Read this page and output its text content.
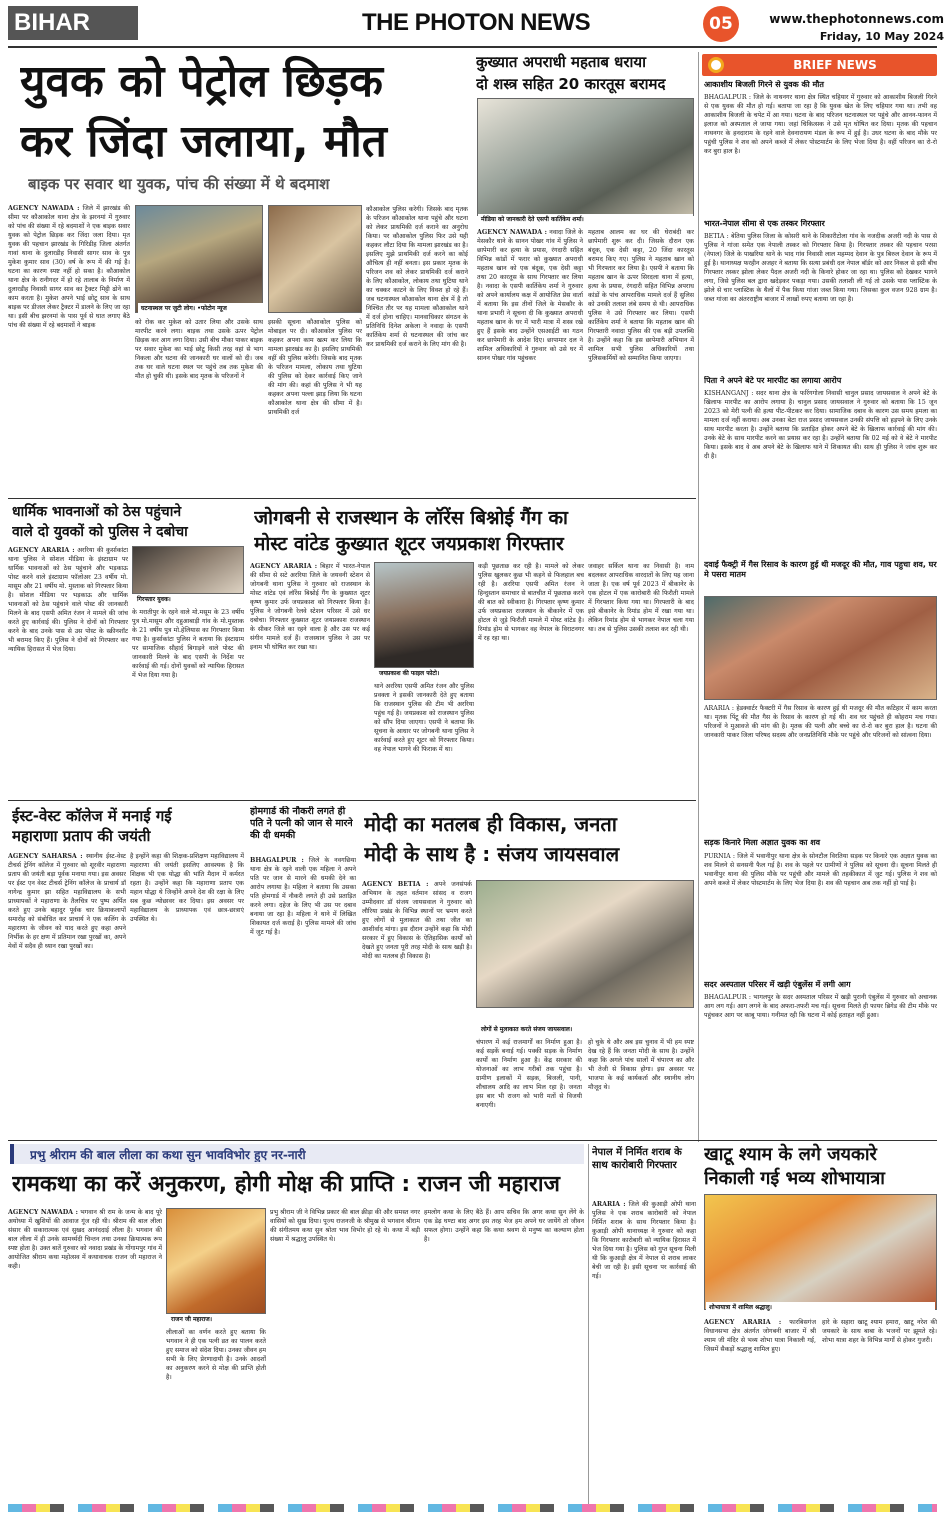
BIHAR	THE PHOTON NEWS	05	www.thephotonnews.com
Friday, 10 May 2024
युवक को पेट्रोल छिड़क
कर जिंदा जलाया, मौत
बाइक पर सवार था युवक, पांच की संख्या में थे बदमाश
AGENCY NAWADA : जिले में झारखंड की सीमा पर कौआकोल थाना क्षेत्र के झरनमां में गुरुवार को पांच की संख्या में रहे बदमाशों ने एक बाइक सवार युवक को पेट्रोल छिड़क कर जिंदा जला दिया। मृत युवक की पहचान झारखंड के गिरिडीह जिला अंतर्गत गावां थाना के दुलारडीह निवासी सागर साव के पुत्र मुकेश कुमार साव (30) वर्ष के रूप में की गई है। घटना का कारण स्पष्ट नहीं हो सका है। कौआकोल थाना क्षेत्र के रानीगदर में हो रहे तालाब के निर्माण में दुलारडीह निवासी सागर साव का ट्रैक्टर मिट्टी ढोने का काम करता है। मुकेश अपने भाई छोटू साव के साथ बाइक पर डीजल लेकर ट्रैक्टर में डालने के लिए जा रहा था। इसी बीच झरनमां के पास पूर्व से घात लगाए बैठे पांच की संख्या में रहे बदमाशों ने बाइक
घटनास्थल पर जुटी लोग। •फोटोन न्यूज
को रोक कर मुकेश को उतार लिया और उसके साथ मारपीट करने लगा। बाइक तथा उसके ऊपर पेट्रोल छिड़क कर आग लगा दिया। उसी बीच मौका पाकर बाइक पर सवार मुकेश का भाई छोटू किसी तरह वहां से भाग निकला और घटना की जानकारी घर वालों को दी। जब तक घर वाले घटना स्थल पर पहुंचे तब तक मुकेश की मौत हो चुकी थी। इसके बाद मृतक के परिजनों ने
इसकी सूचना कौआकोल पुलिस को मोबाइल पर दी। कौआकोल पुलिस पर कहकर अपना काम खत्म कर लिया कि मामला झारखंड का है। इसलिए प्राथमिकी वहीं की पुलिस करेगी। जिसके बाद मृतक के परिजन मामला, लोकाय तथा घुटिया की पुलिस को देकर कार्रवाई किए जाने की मांग की। कहां की पुलिस ने भी यह कहकर अपना पल्ला झाड़ लिया कि घटना कौआकोल थाना क्षेत्र की सीमा में है। प्राथमिकी दर्ज
कौआकोल पुलिस करेगी। जिसके बाद मृतक के परिजन कौआकोल थाना पहुंचे और घटना को लेकर प्राथमिकी दर्ज कराने का अनुरोध किया। पर कौआकोल पुलिस फिर उसे यही कहकर लौटा दिया कि मामला झारखंड का है। इसलिए मुझे प्राथमिकी दर्ज करने का कोई औचित्य ही नहीं बनता। इस प्रकार मृतक के परिजन शव को लेकर प्राथमिकी दर्ज कराने के लिए कौआकोल, लोकाय तथा घुटिया थाने का चक्कर काटने के लिए विवश हो रहे हैं। जब घटनास्थल कौआकोल थाना क्षेत्र में है तो निश्चित तौर पर यह मामला कौआकोल थाने में दर्ज होना चाहिए। मानवाधिकार संगठन के प्रतिनिधि दिनेश अकेला ने नवादा के एसपी कार्तिकेय शर्मा से घटनास्थल की जांच कर कर प्राथमिकी दर्ज कराने के लिए मांग की है।
कुख्यात अपराधी महताब धराया
दो शस्त्र सहित 20 कारतूस बरामद
मीडिया को जानकारी देते एसपी कार्तिकेय शर्मा।
AGENCY NAWADA : नवादा जिले के मेसकौर थाने के सानन पोखर गांव में पुलिस ने छापेमारी कर हत्या के प्रयास, रंगदारी सहित विभिन्न कांडों में फरार को कुख्यात अपराधी महताब खान को एक बंदूक, एक देसी कट्टा तथा 20 कारतूस के साथ गिरफ्तार कर लिया है। नवादा के एसपी कार्तिकेय शर्मा ने गुरुवार को अपने कार्यालय कक्ष में आयोजित प्रेस वार्ता में बताया कि इस तीनों जिले के मेसकौर के थाना प्रभारी ने सूचना दी कि कुख्यात अपराधी महताब खान के घर में भारी मात्रा में शस्त्र रखे हुए हैं इसके बाद उन्होंने एसआईटी का गठन कर छापेमारी के आदेश दिए। छापामार दल ने शामिल अधिकारियों ने गुरुवार को उसे घर में सानन पोखर गांव पहुंचकर
महताब आलम का घर की घेराबंदी कर छापेमारी शुरू कर दी। जिसके दौरान एक बंदूक, एक देसी कट्टा, 20 जिंदा कारतूस बरामद किए गए। पुलिस ने महताब खान को भी गिरफ्तार कर लिया है। एसपी ने बताया कि महताब खान के ऊपर सिरदला थाना में हत्या, हत्या के प्रयास, रंगदारी सहित विभिन्न अपराध कांडों के पांच आपराधिक मामले दर्ज हैं सुलिस को उनकी तलाश लंबे समय से थी। आपराधिक पुलिस ने उसे गिरफ्तार कर लिया। एसपी कार्तिकेय शर्मा ने बताया कि महताब खान की गिरफ्तारी नवादा पुलिस की एक बड़ी उपलब्धि है। उन्होंने कहा कि इस छापेमारी अभियान में शामिल सभी पुलिस अधिकारियों तथा पुलिसकर्मियों को सम्मानित किया जाएगा।
BRIEF NEWS
आकाशीय बिजली गिरने से युवक की मौत
BHAGALPUR : जिले के नाथनगर थाना क्षेत्र स्थित चहियार में गुरुवार को आकाशीय बिजली गिरने से एक युवक की मौत हो गई। बताया जा रहा है कि युवक खेत के लिए चहियार गया था। तभी वह आकाशीय बिजली के चपेट में आ गया। घटना के बाद परिजन घटनास्थल पर पहुंचे और आनन-फानन में इलाज को अस्पताल ले जाया गया। जहां चिकित्सक ने उसे मृत घोषित कर दिया। मृतक की पहचान नाथनगर के हनदाराम के रहने वाले देवनारायण मंडल के रूप में हुई है। उधर घटना के बाद मौके पर पहुंची पुलिस ने शव को अपने कब्जे में लेकर पोस्टमार्टम के लिए भेजा दिया है। वहीं परिजन का रो-रो कर बुरा हाल है।
भारत-नेपाल सीमा से एक तस्कर गिरफ्तार
BETIA : बेतिया पुलिस जिला के कोसरी थाने के शिकारीटोला गांव के नजदीक अजरी नदी के पास से पुलिस ने गांजा समेत एक नेपाली तस्कर को गिरफ्तार किया है। गिरफ्तार तस्कर की पहचान परसा (नेपाल) जिले के पाखरिया थाने के भाद गांव निवासी लाल महम्मद देवान के पुत्र बिरुल देवान के रूप में हुई है। थानाध्यक्ष फरहीन अजहर ने बताया कि सत्या प्रबंधी दल नेपाल बॉर्डर को आर निकल से इसी बीच गिरफ्तार तस्कर झोला लेकर पैदल अजरी नदी के किनारे होकर जा रहा था। पुलिस को देखकर भागने लगा, जिसे पुलिस बल द्वारा खदेड़कर पकड़ा गया। उसकी तलाशी ली गई तो उसके पास प्लास्टिक के झोले से चार प्लास्टिक के थैलों में पैक किया गांजा जब्त किया गया। जिसका कुल वजन 928 ग्राम है। जब्त गांजा का अंतरराष्ट्रीय बाजार में लाखों रुपए बताया जा रहा है।
पिता ने अपने बेटे पर मारपीट का लगाया आरोप
KISHANGANJ : सदर थाना क्षेत्र के फरिंगगोला निवासी चानुल प्रसाद जायसवाल ने अपने बेटे के खिलाफ मारपीट का आरोप लगाया है। चानुल प्रसाद जायसवाल ने गुरुवार को बताया कि 15 जून 2023 को मेरी पत्नी की हत्या पीट-पीटकर कर दिया। सामाजिक दबाव के कारण उस समय हमला का मामला दर्ज नहीं कराया। अब उनका बेटा राज प्रसाद जायसवाल उनकी संपत्ति को हड़पने के लिए उनके साथ मारपीट करता है। उन्होंने बताया कि प्रताड़ित होकर अपने बेटे के खिलाफ कार्रवाई की मांग की। उनके बेटे के साथ मारपीट करने का प्रयास कर रहा है। उन्होंने बताया कि 02 मई को वे बेटे ने मारपीट किया। इसके बाद वे अब अपने बेटे के खिलाफ थाने में शिकायत की। साथ ही पुलिस ने जांच शुरू कर दी है।
दवाई फैक्ट्री में गैस रिसाव के कारण हुई थी मजदूर की मौत, गाव पहुचा शव, घर मे पसरा मातम
ARARIA : हेडक्वार्टर फैक्टरी में गैस रिसाव के कारण हुई थी मजदूर की मौत कटिहार में काम करता था। मृतक पिंटू की मौत गैस के रिसाव के कारण हो गई थी। शव घर पहुंचते ही कोहराम मच गया। परिजनों ने मुआवजे की मांग की है। मृतक की पत्नी और बच्चे का रो-रो कर बुरा हाल है। घटना की जानकारी पाकर जिला परिषद सदस्य और जनप्रतिनिधि मौके पर पहुंचे और परिजनों को सांत्वना दिया।
सड़क किनारे मिला अज्ञात युवक का शव
PURNIA : जिले में भवानीपुर थाना क्षेत्र के सोनटौल विरतिया सड़क पर किनारे एक अज्ञात युवक का शव मिलने से सनसनी फैल गई है। शव के पहले पर ग्रामीणों ने पुलिस को सूचना दी। सूचना मिलते ही भवानीपुर थाना की पुलिस मौके पर पहुंची और मामले की तहकीकात में जुट गई। पुलिस ने शव को अपने कब्जे में लेकर पोस्टमार्टम के लिए भेज दिया है। शव की पहचान अब तक नहीं हो पाई है।
सदर अस्पताल परिसर में खड़ी एंबुलेंस में लगी आग
BHAGALPUR : भागलपुर के सदर अस्पताल परिसर में खड़ी पुरानी एंबुलेंस में गुरुवार को अचानक आग लग गई। आग लगने के बाद अफरा-तफरी मच गई। सूचना मिलते ही फायर ब्रिगेड की टीम मौके पर पहुंचकर आग पर काबू पाया। गनीमत रही कि घटना में कोई हताहत नहीं हुआ।
धार्मिक भावनाओं को ठेस पहुंचाने
वाले दो युवकों को पुलिस ने दबोचा
AGENCY ARARIA : अररिया की कुर्साकांटा थाना पुलिस ने सोशल मीडिया के इंस्टाग्राम पर धार्मिक भावनाओं को ठेस पहुंचाने और भड़काऊ पोस्ट करने वाले इंस्टाग्राम फॉलोअर 23 वर्षीय मो. मासूम और 21 वर्षीय मो. मुस्ताक को गिरफ्तार किया है। सोशल मीडिया पर भड़काऊ और धार्मिक भावनाओं को ठेस पहुंचाने वाले पोस्ट की जानकारी मिलने के बाद एसपी अमित रंजन ने मामले की जांच करते हुए कार्रवाई की। पुलिस ने दोनों को गिरफ्तार करने के बाद उनके पास से उस पोस्ट के स्क्रीनशॉट भी बरामद किए हैं। पुलिस ने दोनों को गिरफ्तार कर न्यायिक हिरासत में भेज दिया।
गिरफ्तार युवक।
के मरातीपुर के रहने वाले मो.मसूम के 23 वर्षीय पुत्र मो.मासूम और दहुआबाड़ी गांव के मो.मुस्ताक के 21 वर्षीय पुत्र मो.हेलियास का गिरफ्तार किया गया है। कुर्साकांटा पुलिस ने बताया कि इंस्टाग्राम पर सामाजिक सौहार्द बिगाड़ने वाले पोस्ट की जानकारी मिलने के बाद एसपी के निर्देश पर कार्रवाई की गई। दोनों युवकों को न्यायिक हिरासत में भेज दिया गया है।
जोगबनी से राजस्थान के लॉरेंस बिश्नोई गैंग का
मोस्ट वांटेड कुख्यात शूटर जयप्रकाश गिरफ्तार
AGENCY ARARIA : बिहार में भारत-नेपाल की सीमा से सटे अररिया जिले के जयवनी स्टेशन से जोगबनी थाना पुलिस ने गुरुवार को राजस्थान के मोस्ट वांटेड एवं लॉरेंस बिश्नोई गैंग के कुख्यात शूटर कृष्ण कुमार उर्फ जयप्रकाश को गिरफ्तार किया है। पुलिस ने जोगबनी रेलवे स्टेशन परिसर में उसे धर दबोचा। गिरफ्तार कुख्यात शूटर जयप्रकाश राजस्थान के सीकर जिले का रहने वाला है और उस पर कई संगीन मामले दर्ज हैं। राजस्थान पुलिस ने उस पर इनाम भी घोषित कर रखा था।
जयप्रकाश की फाइल फोटो।
थाने अररिया एसपी अमित रंजन और पुलिस प्रवक्ता ने इसकी जानकारी देते हुए बताया कि राजस्थान पुलिस की टीम भी अररिया पहुंच गई है। जयप्रकाश को राजस्थान पुलिस को सौंप दिया जाएगा। एसपी ने बताया कि सूचना के आधार पर जोगबनी थाना पुलिस ने कार्रवाई करते हुए शूटर को गिरफ्तार किया। वह नेपाल भागने की फिराक में था।
कड़ी पूछताछ कर रही है। मामले को लेकर पुलिस खुलकर कुछ भी कहने से फिलहाल बच रही है। अररिया एसपी अमित रंजन ने हिन्दुस्तान समाचार से बातचीत में पूछताछ करने की बात को स्वीकारा है। गिरफ्तार कृष्ण कुमार उर्फ जयप्रकाश राजस्थान के बीकानेर में एक होटल से जुड़े फिरौती मामले में मोस्ट वांटेड है। रिमांड होम से भागकर वह नेपाल के विराटनगर में रह रहा था।
जवाहर सर्किल थाना का निवासी है। नाम बदलकर आपराधिक वारदातों के लिए यह जाना जाता है। एक वर्ष पूर्व 2023 में बीकानेर के एक होटल में एक कारोबारी की फिरौती मामले में गिरफ्तार किया गया था। गिरफ्तारी के बाद इसे बीकानेर के रिमांड होम में रखा गया था। लेकिन रिमांड होम से भागकर नेपाल चला गया था। तब से पुलिस उसकी तलाश कर रही थी।
ईस्ट-वेस्ट कॉलेज में मनाई गई
महाराणा प्रताप की जयंती
AGENCY SAHARSA : स्थानीय ईस्ट-वेस्ट टीचर्स ट्रेनिंग कॉलेज में गुरुवार को शूरवीर महाराणा प्रताप की जयंती बड़ा पूर्वक मनाया गया। इस अवसर पर ईस्ट एन वेस्ट टीचर्स ट्रेनिंग कॉलेज के प्राचार्य डॉ नागेन्द्र कुमार झा सहित महाविद्यालय के सभी प्राध्यापकों ने महाराणा के तैलचित्र पर पुष्प अर्पित करते हुए उनके बहादुर पूर्वक चार क्रियाकलापों समारोह को संबोधित कर प्राचार्य ने एक कलिंग के महाराणा के जीवन को याद करते हुए कहा अपने निर्भीक के हर क्षण में प्रतिमान रखा पुरखों का, अपने मेवों में सदैव ही ध्यान रखा पुरखों का।
है इन्होंने कहा की शिक्षक-प्रशिक्षण महाविद्यालय में महाराणा की जयंती इसलिए आवश्यक है कि शिक्षक भी एक योद्धा की भांति मैदान में कर्मरत रहता है। उन्होंने कहा कि महाराणा प्रताप एक महान योद्धा थे जिन्होंने अपने देश की रक्षा के लिए सब कुछ न्योछावर कर दिया। इस अवसर पर महाविद्यालय के प्राध्यापक एवं छात्र-छात्राएं उपस्थित थे।
होमगार्ड की नौकरी लगते ही पति ने पत्नी को जान से मारने की दी धमकी
BHAGALPUR : जिले के नवगछिया थाना क्षेत्र के रहने वाली एक महिला ने अपने पति पर जान से मारने की धमकी देने का आरोप लगाया है। महिला ने बताया कि उसका पति होमगार्ड में नौकरी लगते ही उसे प्रताड़ित करने लगा। दहेज के लिए भी उस पर दबाव बनाया जा रहा है। महिला ने थाने में लिखित शिकायत दर्ज कराई है। पुलिस मामले की जांच में जुट गई है।
मोदी का मतलब ही विकास, जनता
मोदी के साथ है : संजय जायसवाल
AGENCY BETIA : अपने जनसंपर्क अभियान के तहत वर्तमान सांसद व राजग उम्मीदवार डॉ संजय जायसवाल ने गुरुवार को लौरिया प्रखंड के विभिन्न स्थानों पर भ्रमण करते हुए लोगों से मुलाकात की तथा जीत का आशीर्वाद मांगा। इस दौरान उन्होंने कहा कि मोदी सरकार में हुए विकास के ऐतिहासिक कार्यों को देखते हुए जनता पूरी तरह मोदी के साथ खड़ी है। मोदी का मतलब ही विकास है।
लोगों से मुलाकात करते संजय जायसवाल।
चंपारण में कई राजमार्गों का निर्माण हुआ है। कई सड़कें बनाई गई। पक्की सड़क के निर्माण कार्यों का निर्माण हुआ है। केंद्र सरकार की योजनाओं का लाभ गरीबों तक पहुंचा है। ग्रामीण इलाकों में सड़क, बिजली, पानी, शौचालय आदि का लाभ मिल रहा है। जनता इस बार भी राजग को भारी मतों से विजयी बनाएगी।
हो चुके थे और अब इस चुनाव में भी हम स्पष्ट देख रहे हैं कि जनता मोदी के साथ है। उन्होंने कहा कि अगले पांच सालों में चंपारण का और भी तेजी से विकास होगा। इस अवसर पर भाजपा के कई कार्यकर्ता और स्थानीय लोग मौजूद थे।
प्रभु श्रीराम की बाल लीला का कथा सुन भावविभोर हुए नर-नारी
रामकथा का करें अनुकरण, होगी मोक्ष की प्राप्ति : राजन जी महाराज
AGENCY NAWADA : भगवान श्री राम के जन्म के बाद पूरे अयोध्या में खुशियों की आवाज गूंज रही थी। श्रीराम की बाल लीला संसार की सकारात्मक एवं सुखद आनंददाई लीला है। भगवान की बाल लीला में ही उनके सामर्थ्यदी चिन्तन तथा उनका क्रियात्मक रूप स्पष्ट होता है। उक्त बातें गुरुवार को नवादा प्रखंड के गोंगामपुर गांव में आयोजित श्रीराम कथा महोत्सव में कथावाचक राजन जी महाराज ने कही।
राजन जी महाराज।
लीलाओं का वर्णन करते हुए बताया कि भगवान ने ही एक पत्नी व्रत का पालन करते हुए समाज को संदेश दिया। उनका जीवन हम सभी के लिए प्रेरणादायी है। उनके आदर्शों का अनुकरण करने से मोक्ष की प्राप्ति होती है।
प्रभु श्रीराम जी ने विभिन्न प्रकार की बाल क्रीड़ा की और समस्त नगर वासियों को सुख दिया। पूज्य राजनजी के श्रीमुख से भगवान श्रीराम की संगीतमय कथा सुन श्रोता भाव विभोर हो रहे थे। कथा में बड़ी संख्या में श्रद्धालु उपस्थित थे।
हमलोग कथा के लिए बैठे हैं। आप सचिव कि अगर कथा सुन लेंगे के एक डेढ़ घण्टा बाद अगर इस तरह भेज हम अपने घर जायेंगे तो जीवन सफल होगा। उन्होंने कहा कि कथा श्रवण से मनुष्य का कल्याण होता है।
नेपाल में निर्मित शराब के साथ कारोबारी गिरफ्तार
ARARIA : जिले की कुआड़ी ओपी थाना पुलिस ने एक शराब कारोबारी को नेपाल निर्मित शराब के साथ गिरफ्तार किया है। कुआड़ी ओपी थानाध्यक्ष ने गुरुवार को कहा कि गिरफ्तार कारोबारी को न्यायिक हिरासत में भेज दिया गया है। पुलिस को गुप्त सूचना मिली थी कि कुआड़ी क्षेत्र में नेपाल से शराब लाकर बेची जा रही है। इसी सूचना पर कार्रवाई की गई।
खाटू श्याम के लगे जयकारे
निकाली गई भव्य शोभायात्रा
शोभायात्रा में शामिल श्रद्धालु।
AGENCY ARARIA : फारबिसगंज विधानसभा क्षेत्र अंतर्गत जोगबनी बाजार में श्री श्याम जी मंदिर से भव्य शोभा यात्रा निकाली गई, जिसमें सैकड़ों श्रद्धालु शामिल हुए।
हारे के सहारा खाटू श्याम हमारा, खाटू नरेश की जयकारे के साथ बाबा के भजनों पर झूमते रहे। शोभा यात्रा शहर के विभिन्न मार्गों से होकर गुजरी।
